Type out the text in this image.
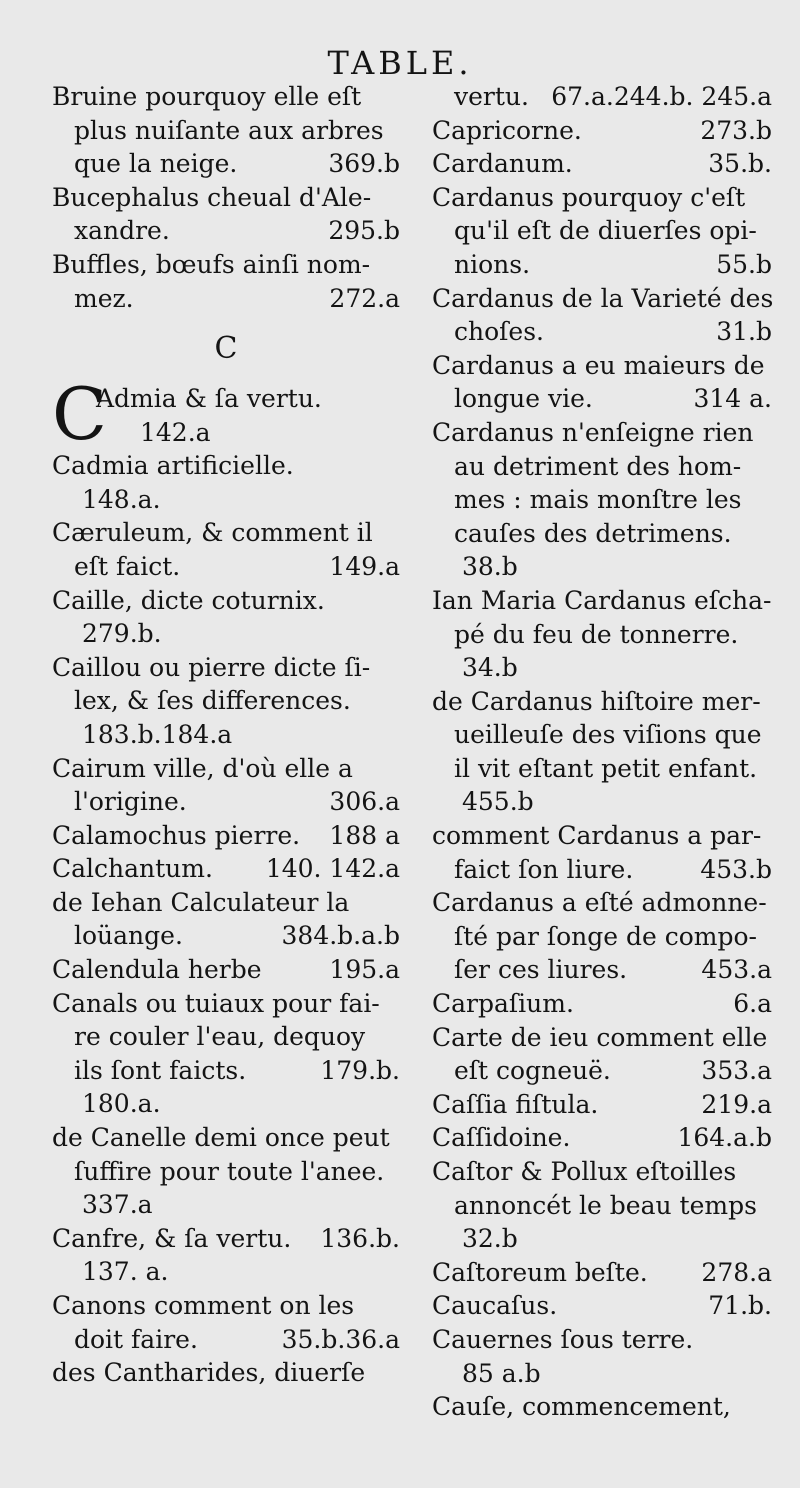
TABLE.
Bruine pourquoy elle eſt
plus nuiſante aux arbres
que la neige.	369.b
Bucephalus cheual d'Ale-
xandre.	295.b
Buffles, bœufs ainſi nom-
mez.	272.a
C
C
Admia & ſa vertu.
142.a
Cadmia artificielle.
148.a.
Cæruleum, & comment il
eſt faict.	149.a
Caille, dicte coturnix.
279.b.
Caillou ou pierre dicte ſi-
lex, & ſes differences.
183.b.184.a
Cairum ville, d'où elle a
l'origine.	306.a
Calamochus pierre. 188 a
Calchantum. 140. 142.a
de Iehan Calculateur la
loüange.	384.b.a.b
Calendula herbe	195.a
Canals ou tuiaux pour fai-
re couler l'eau, dequoy
ils ſont faicts.	179.b.
180.a.
de Canelle demi once peut
ſuffire pour toute l'anee.
337.a
Canfre, & ſa vertu. 136.b.
137. a.
Canons comment on les
doit faire.	35.b.36.a
des Cantharides, diuerſe
vertu. 67.a.244.b. 245.a
Capricorne.	273.b
Cardanum.	35.b.
Cardanus pourquoy c'eſt
qu'il eſt de diuerſes opi-
nions.	55.b
Cardanus de la Varieté des
choſes.	31.b
Cardanus a eu maieurs de
longue vie.	314 a.
Cardanus n'enſeigne rien
au detriment des hom-
mes : mais monſtre les
cauſes des detrimens.
38.b
Ian Maria Cardanus eſcha-
pé du feu de tonnerre.
34.b
de Cardanus hiſtoire mer-
ueilleuſe des viſions que
il vit eſtant petit enfant.
455.b
comment Cardanus a par-
faict ſon liure.	453.b
Cardanus a eſté admonne-
ſté par ſonge de compo-
ſer ces liures.	453.a
Carpaſium.	6.a
Carte de ieu comment elle
eſt cogneuë.	353.a
Caſſia fiſtula.	219.a
Caſſidoine.	164.a.b
Caſtor & Pollux eſtoilles
annoncét le beau temps
32.b
Caſtoreum beſte. 278.a
Caucaſus.	71.b.
Cauernes ſous terre.
85 a.b
Cauſe, commencement,
